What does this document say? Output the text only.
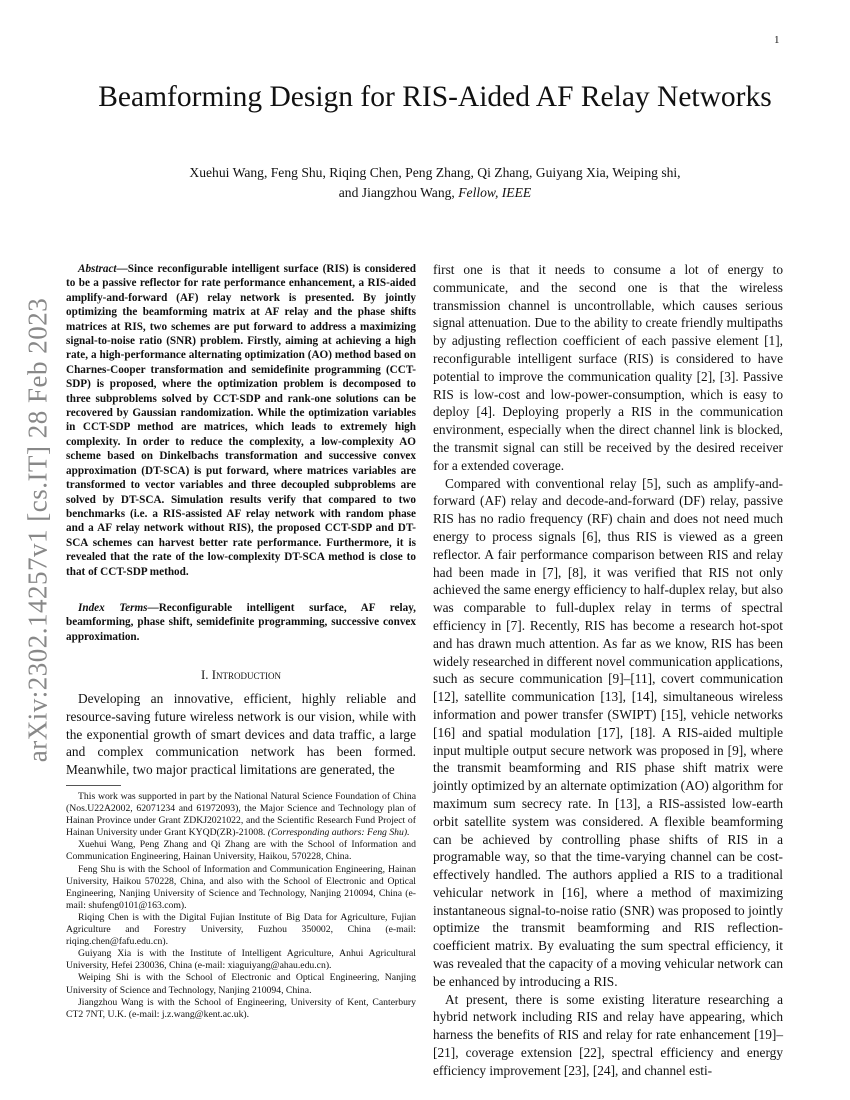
1
arXiv:2302.14257v1 [cs.IT] 28 Feb 2023
Beamforming Design for RIS-Aided AF Relay Networks
Xuehui Wang, Feng Shu, Riqing Chen, Peng Zhang, Qi Zhang, Guiyang Xia, Weiping shi,
and Jiangzhou Wang, Fellow, IEEE
Abstract—Since reconfigurable intelligent surface (RIS) is considered to be a passive reflector for rate performance enhancement, a RIS-aided amplify-and-forward (AF) relay network is presented. By jointly optimizing the beamforming matrix at AF relay and the phase shifts matrices at RIS, two schemes are put forward to address a maximizing signal-to-noise ratio (SNR) problem. Firstly, aiming at achieving a high rate, a high-performance alternating optimization (AO) method based on Charnes-Cooper transformation and semidefinite programming (CCT-SDP) is proposed, where the optimization problem is decomposed to three subproblems solved by CCT-SDP and rank-one solutions can be recovered by Gaussian randomization. While the optimization variables in CCT-SDP method are matrices, which leads to extremely high complexity. In order to reduce the complexity, a low-complexity AO scheme based on Dinkelbachs transformation and successive convex approximation (DT-SCA) is put forward, where matrices variables are transformed to vector variables and three decoupled subproblems are solved by DT-SCA. Simulation results verify that compared to two benchmarks (i.e. a RIS-assisted AF relay network with random phase and a AF relay network without RIS), the proposed CCT-SDP and DT-SCA schemes can harvest better rate performance. Furthermore, it is revealed that the rate of the low-complexity DT-SCA method is close to that of CCT-SDP method.
Index Terms—Reconfigurable intelligent surface, AF relay, beamforming, phase shift, semidefinite programming, successive convex approximation.
I. Introduction

Developing an innovative, efficient, highly reliable and resource-saving future wireless network is our vision, while with the exponential growth of smart devices and data traffic, a large and complex communication network has been formed. Meanwhile, two major practical limitations are generated, the

This work was supported in part by the National Natural Science Foundation of China (Nos.U22A2002, 62071234 and 61972093), the Major Science and Technology plan of Hainan Province under Grant ZDKJ2021022, and the Scientific Research Fund Project of Hainan University under Grant KYQD(ZR)-21008. (Corresponding authors: Feng Shu).

Xuehui Wang, Peng Zhang and Qi Zhang are with the School of Information and Communication Engineering, Hainan University, Haikou, 570228, China.

Feng Shu is with the School of Information and Communication Engineering, Hainan University, Haikou 570228, China, and also with the School of Electronic and Optical Engineering, Nanjing University of Science and Technology, Nanjing 210094, China (e-mail: shufeng0101@163.com).

Riqing Chen is with the Digital Fujian Institute of Big Data for Agriculture, Fujian Agriculture and Forestry University, Fuzhou 350002, China (e-mail: riqing.chen@fafu.edu.cn).

Guiyang Xia is with the Institute of Intelligent Agriculture, Anhui Agricultural University, Hefei 230036, China (e-mail: xiaguiyang@ahau.edu.cn).

Weiping Shi is with the School of Electronic and Optical Engineering, Nanjing University of Science and Technology, Nanjing 210094, China.

Jiangzhou Wang is with the School of Engineering, University of Kent, Canterbury CT2 7NT, U.K. (e-mail: j.z.wang@kent.ac.uk).

first one is that it needs to consume a lot of energy to communicate, and the second one is that the wireless transmission channel is uncontrollable, which causes serious signal attenuation. Due to the ability to create friendly multipaths by adjusting reflection coefficient of each passive element [1], reconfigurable intelligent surface (RIS) is considered to have potential to improve the communication quality [2], [3]. Passive RIS is low-cost and low-power-consumption, which is easy to deploy [4]. Deploying properly a RIS in the communication environment, especially when the direct channel link is blocked, the transmit signal can still be received by the desired receiver for a extended coverage.

Compared with conventional relay [5], such as amplify-and-forward (AF) relay and decode-and-forward (DF) relay, passive RIS has no radio frequency (RF) chain and does not need much energy to process signals [6], thus RIS is viewed as a green reflector. A fair performance comparison between RIS and relay had been made in [7], [8], it was verified that RIS not only achieved the same energy efficiency to half-duplex relay, but also was comparable to full-duplex relay in terms of spectral efficiency in [7]. Recently, RIS has become a research hot-spot and has drawn much attention. As far as we know, RIS has been widely researched in different novel communication applications, such as secure communication [9]–[11], covert communication [12], satellite communication [13], [14], simultaneous wireless information and power transfer (SWIPT) [15], vehicle networks [16] and spatial modulation [17], [18]. A RIS-aided multiple input multiple output secure network was proposed in [9], where the transmit beamforming and RIS phase shift matrix were jointly optimized by an alternate optimization (AO) algorithm for maximum sum secrecy rate. In [13], a RIS-assisted low-earth orbit satellite system was considered. A flexible beamforming can be achieved by controlling phase shifts of RIS in a programable way, so that the time-varying channel can be cost-effectively handled. The authors applied a RIS to a traditional vehicular network in [16], where a method of maximizing instantaneous signal-to-noise ratio (SNR) was proposed to jointly optimize the transmit beamforming and RIS reflection-coefficient matrix. By evaluating the sum spectral efficiency, it was revealed that the capacity of a moving vehicular network can be enhanced by introducing a RIS.

At present, there is some existing literature researching a hybrid network including RIS and relay have appearing, which harness the benefits of RIS and relay for rate enhancement [19]–[21], coverage extension [22], spectral efficiency and energy efficiency improvement [23], [24], and channel esti-
